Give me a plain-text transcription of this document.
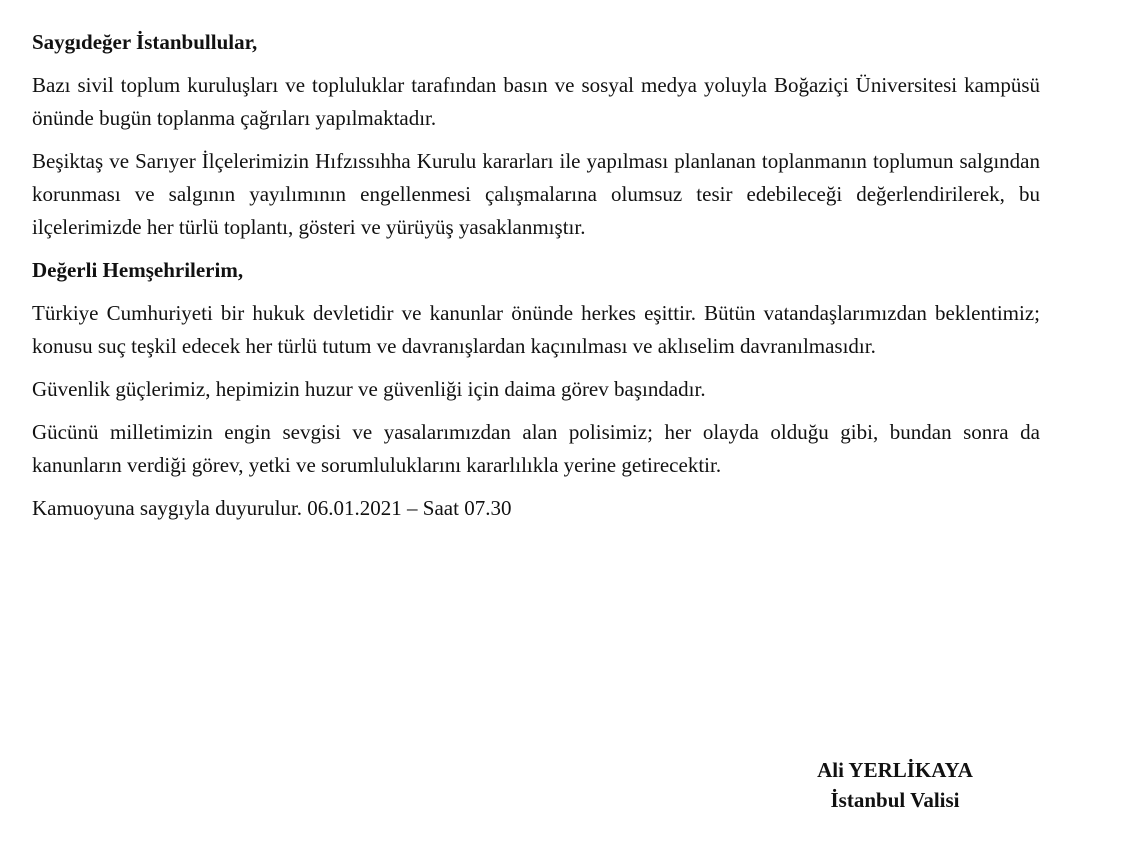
Saygıdeğer İstanbullular,

Bazı sivil toplum kuruluşları ve topluluklar tarafından basın ve sosyal medya yoluyla Boğaziçi Üniversitesi kampüsü önünde bugün toplanma çağrıları yapılmaktadır.

Beşiktaş ve Sarıyer İlçelerimizin Hıfzıssıhha Kurulu kararları ile yapılması planlanan toplanmanın toplumun salgından korunması ve salgının yayılımının engellenmesi çalışmalarına olumsuz tesir edebileceği değerlendirilerek, bu ilçelerimizde her türlü toplantı, gösteri ve yürüyüş yasaklanmıştır.

Değerli Hemşehrilerim,

Türkiye Cumhuriyeti bir hukuk devletidir ve kanunlar önünde herkes eşittir. Bütün vatandaşlarımızdan beklentimiz; konusu suç teşkil edecek her türlü tutum ve davranışlardan kaçınılması ve aklıselim davranılmasıdır.

Güvenlik güçlerimiz, hepimizin huzur ve güvenliği için daima görev başındadır.

Gücünü milletimizin engin sevgisi ve yasalarımızdan alan polisimiz; her olayda olduğu gibi, bundan sonra da kanunların verdiği görev, yetki ve sorumluluklarını kararlılıkla yerine getirecektir.

Kamuoyuna saygıyla duyurulur. 06.01.2021 – Saat 07.30

Ali YERLİKAYA
İstanbul Valisi
